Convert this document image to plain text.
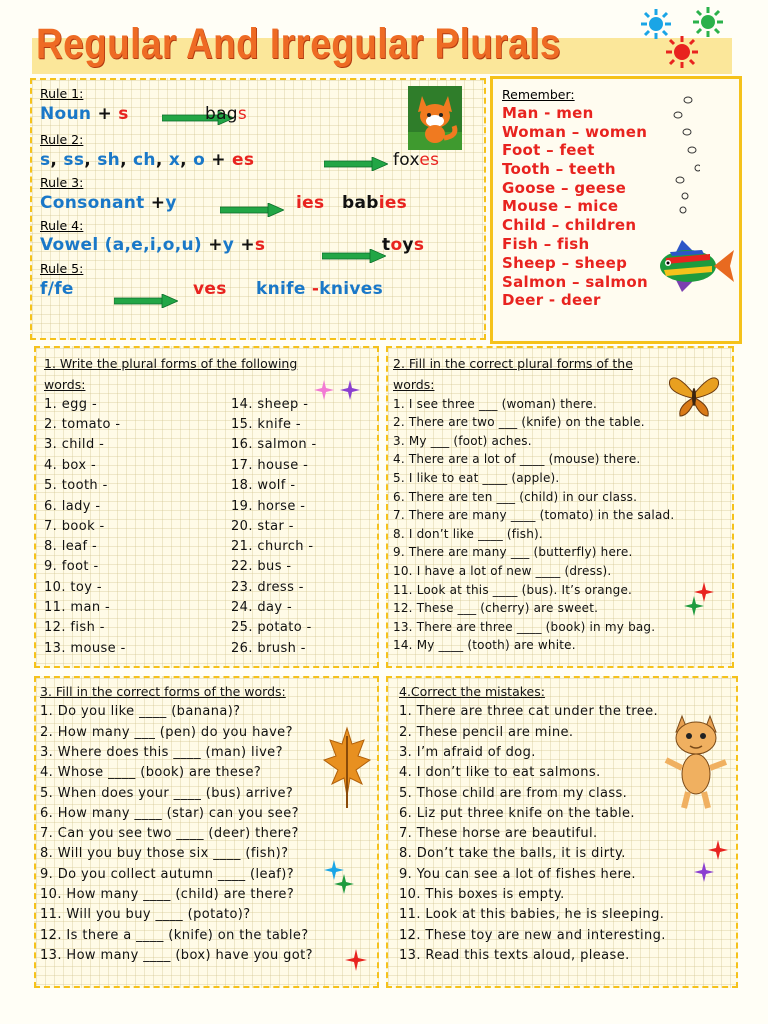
Regular And Irregular Plurals
Rule 1:
Noun + s	bags
Rule 2:
s, ss, sh, ch, x, o + es	foxes
Rule 3:
Consonant +y	ies babies
Rule 4:
Vowel (a,e,i,o,u) +y +s	toys
Rule 5:
f/fe	ves knife -knives
Remember:
Man - men
Woman – women
Foot – feet
Tooth – teeth
Goose – geese
Mouse – mice
Child – children
Fish – fish
Sheep – sheep
Salmon – salmon
Deer - deer
1. Write the plural forms of the following
words:
1. egg -
2. tomato -
3. child -
4. box -
5. tooth -
6. lady -
7. book -
8. leaf -
9. foot -
10. toy -
11. man -
12. fish -
13. mouse -
14. sheep -
15. knife -
16. salmon -
17. house -
18. wolf -
19. horse -
20. star -
21. church -
22. bus -
23. dress -
24. day -
25. potato -
26. brush -
2. Fill in the correct plural forms of the
words:
1. I see three ___ (woman) there.
2. There are two ___ (knife) on the table.
3. My ___ (foot) aches.
4. There are a lot of ____ (mouse) there.
5. I like to eat ____ (apple).
6. There are ten ___ (child) in our class.
7. There are many ____ (tomato) in the salad.
8. I don’t like ____ (fish).
9. There are many ___ (butterfly) here.
10. I have a lot of new ____ (dress).
11. Look at this ____ (bus). It’s orange.
12. These ___ (cherry) are sweet.
13. There are three ____ (book) in my bag.
14. My ____ (tooth) are white.
3. Fill in the correct forms of the words:
1. Do you like ____ (banana)?
2. How many ___ (pen) do you have?
3. Where does this ____ (man) live?
4. Whose ____ (book) are these?
5. When does your ____ (bus) arrive?
6. How many ____ (star) can you see?
7. Can you see two ____ (deer) there?
8. Will you buy those six ____ (fish)?
9. Do you collect autumn ____ (leaf)?
10. How many ____ (child) are there?
11. Will you buy ____ (potato)?
12. Is there a ____ (knife) on the table?
13. How many ____ (box) have you got?
4.Correct the mistakes:
1. There are three cat under the tree.
2. These pencil are mine.
3. I’m afraid of dog.
4. I don’t like to eat salmons.
5. Those child are from my class.
6. Liz put three knife on the table.
7. These horse are beautiful.
8. Don’t take the balls, it is dirty.
9. You can see a lot of fishes here.
10. This boxes is empty.
11. Look at this babies, he is sleeping.
12. These toy are new and interesting.
13. Read this texts aloud, please.
